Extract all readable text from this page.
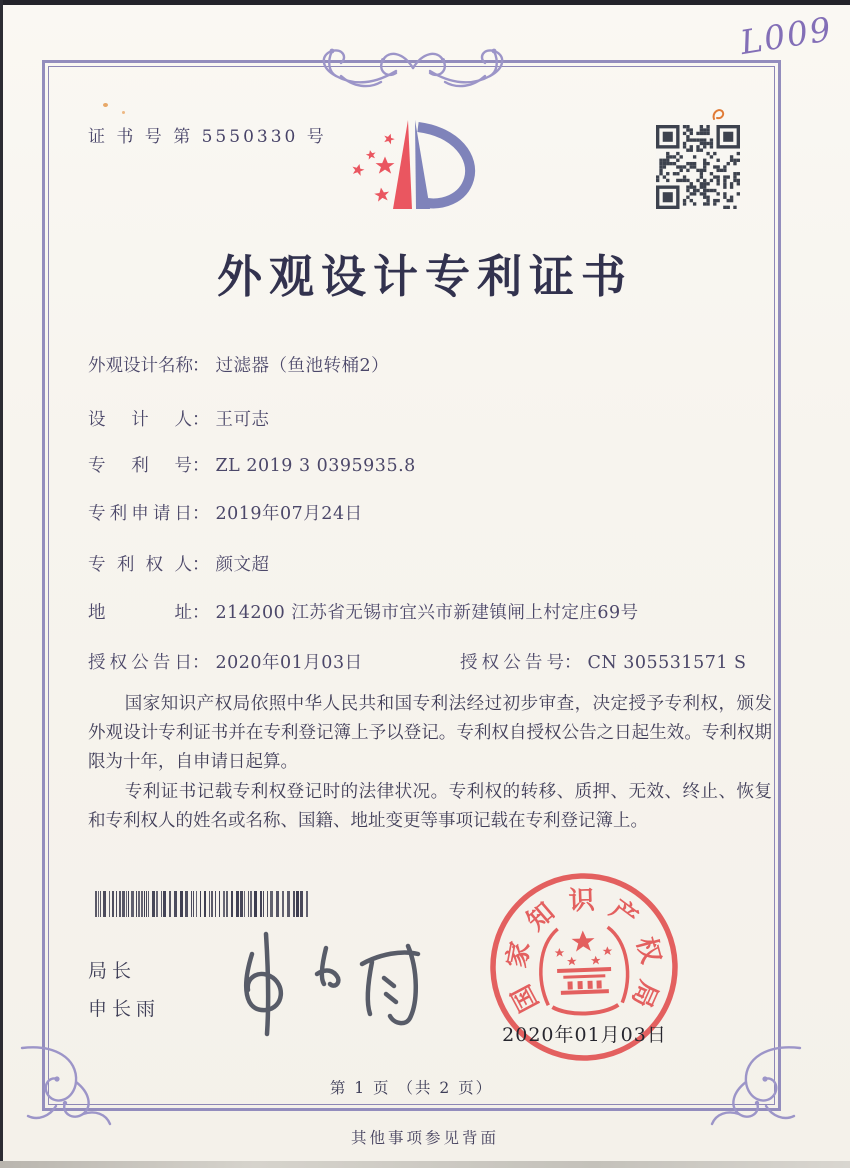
证 书 号 第 5550330 号
L009
外观设计专利证书
外观设计名称： 过滤器（鱼池转桶2）
设计人： 王可志
专利号： ZL 2019 3 0395935.8
专利申请日： 2019年07月24日
专利权人： 颜文超
地址： 214200 江苏省无锡市宜兴市新建镇闸上村定庄69号
授权公告日： 2020年01月03日	授权公告号： CN 305531571 S

国家知识产权局依照中华人民共和国专利法经过初步审查，决定授予专利权，颁发外观设计专利证书并在专利登记簿上予以登记。专利权自授权公告之日起生效。专利权期限为十年，自申请日起算。

专利证书记载专利权登记时的法律状况。专利权的转移、质押、无效、终止、恢复和专利权人的姓名或名称、国籍、地址变更等事项记载在专利登记簿上。

局长
申长雨	国
家
知 识 产
权
局
2020年01月03日
第 1 页 （共 2 页）
其他事项参见背面
